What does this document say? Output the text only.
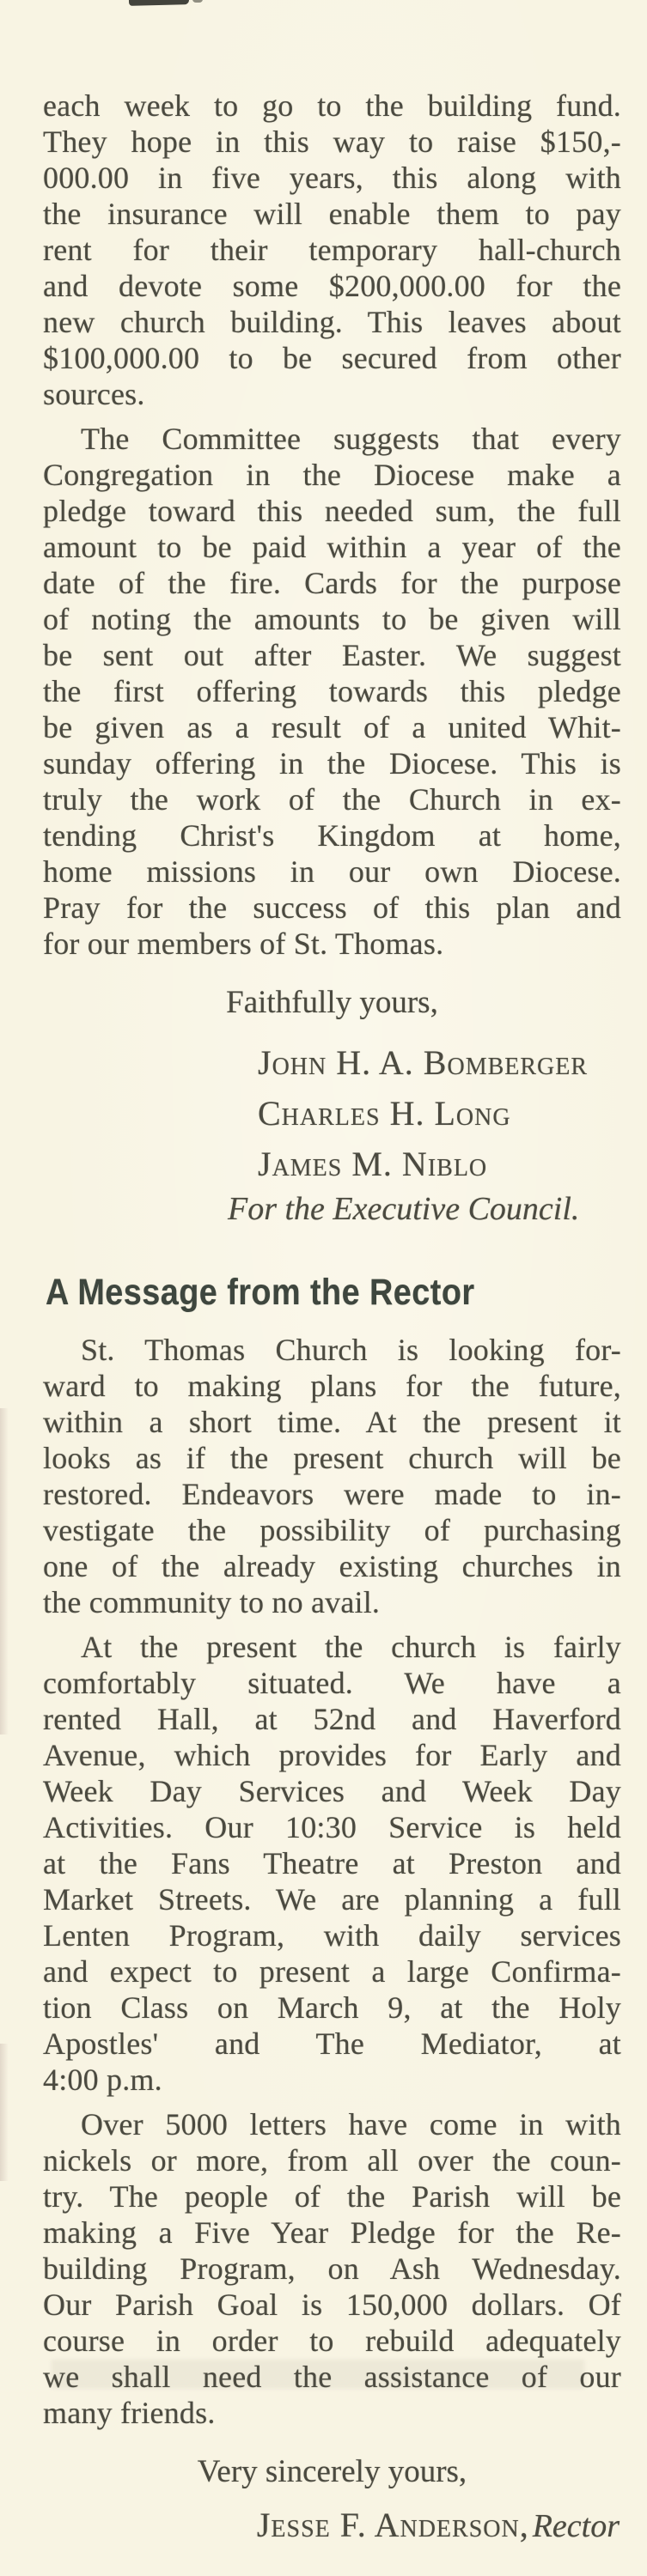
each week to go to the building fund.
They hope in this way to raise $150,-
000.00 in five years, this along with
the insurance will enable them to pay
rent for their temporary hall-church
and devote some $200,000.00 for the
new church building. This leaves about
$100,000.00 to be secured from other
sources.
The Committee suggests that every
Congregation in the Diocese make a
pledge toward this needed sum, the full
amount to be paid within a year of the
date of the fire. Cards for the purpose
of noting the amounts to be given will
be sent out after Easter. We suggest
the first offering towards this pledge
be given as a result of a united Whit-
sunday offering in the Diocese. This is
truly the work of the Church in ex-
tending Christ's Kingdom at home,
home missions in our own Diocese.
Pray for the success of this plan and
for our members of St. Thomas.
Faithfully yours,
John H. A. Bomberger
Charles H. Long
James M. Niblo
For the Executive Council.
A Message from the Rector
St. Thomas Church is looking for-
ward to making plans for the future,
within a short time. At the present it
looks as if the present church will be
restored. Endeavors were made to in-
vestigate the possibility of purchasing
one of the already existing churches in
the community to no avail.
At the present the church is fairly
comfortably situated. We have a
rented Hall, at 52nd and Haverford
Avenue, which provides for Early and
Week Day Services and Week Day
Activities. Our 10:30 Service is held
at the Fans Theatre at Preston and
Market Streets. We are planning a full
Lenten Program, with daily services
and expect to present a large Confirma-
tion Class on March 9, at the Holy
Apostles' and The Mediator, at
4:00 p.m.
Over 5000 letters have come in with
nickels or more, from all over the coun-
try. The people of the Parish will be
making a Five Year Pledge for the Re-
building Program, on Ash Wednesday.
Our Parish Goal is 150,000 dollars. Of
course in order to rebuild adequately
we shall need the assistance of our
many friends.
Very sincerely yours,
Jesse F. Anderson, Rector
